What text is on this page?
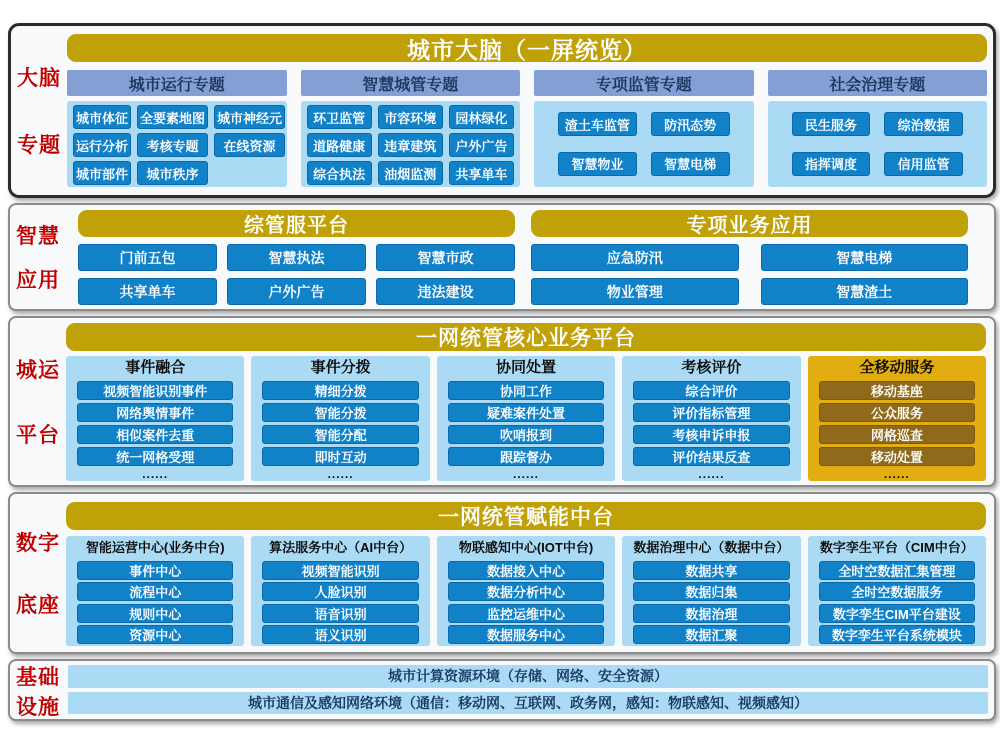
大脑
专题
城市大脑（一屏统览）
城市运行专题
城市体征 全要素地图 城市神经元
运行分析	考核专题	在线资源
城市部件	城市秩序
智慧城管专题
环卫监管	市容环境	园林绿化
道路健康	违章建筑	户外广告
综合执法	油烟监测	共享单车
专项监管专题
渣土车监管	防汛态势
智慧物业	智慧电梯
社会治理专题
民生服务	综治数据
指挥调度	信用监管
智慧
应用
综管服平台
门前五包	智慧执法	智慧市政
共享单车	户外广告	违法建设
专项业务应用
应急防汛	智慧电梯
物业管理	智慧渣土
城运
平台
一网统管核心业务平台
事件融合
视频智能识别事件
网络舆情事件
相似案件去重
统一网格受理
......
事件分拨
精细分拨
智能分拨
智能分配
即时互动
......
协同处置
协同工作
疑难案件处置
吹哨报到
跟踪督办
......
考核评价
综合评价
评价指标管理
考核申诉申报
评价结果反查
......
全移动服务
移动基座
公众服务
网格巡查
移动处置
......
数字
底座
一网统管赋能中台
智能运营中心(业务中台)
事件中心
流程中心
规则中心
资源中心
算法服务中心（AI中台）
视频智能识别
人脸识别
语音识别
语义识别
物联感知中心(IOT中台)
数据接入中心
数据分析中心
监控运维中心
数据服务中心
数据治理中心（数据中台）
数据共享
数据归集
数据治理
数据汇聚
数字孪生平台（CIM中台）
全时空数据汇集管理
全时空数据服务
数字孪生CIM平台建设
数字孪生平台系统模块
基础
设施
城市计算资源环境（存储、网络、安全资源）
城市通信及感知网络环境（通信：移动网、互联网、政务网，感知：物联感知、视频感知）
